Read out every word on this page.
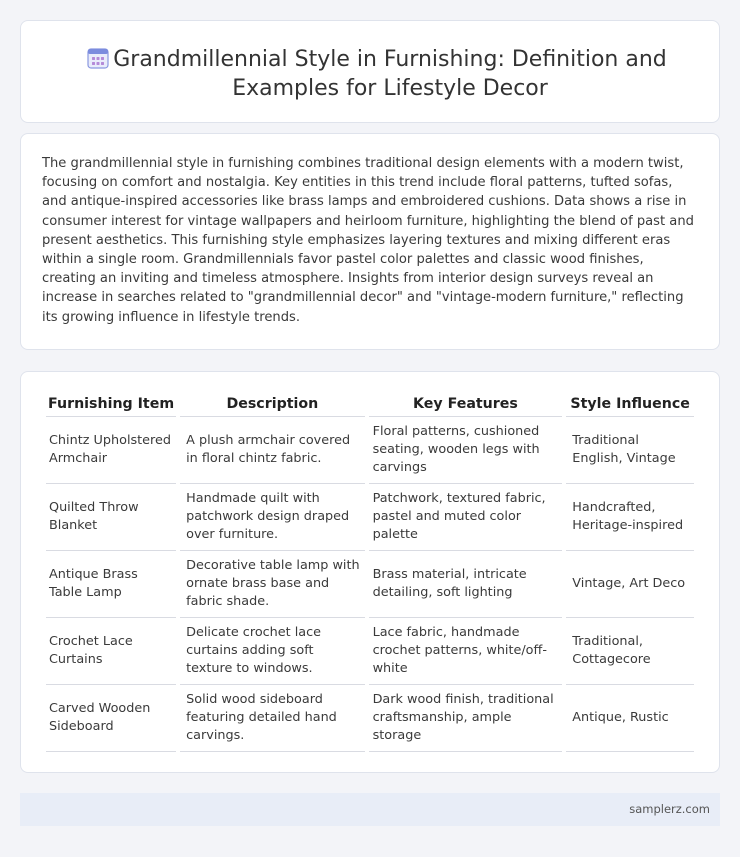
Grandmillennial Style in Furnishing: Definition and Examples for Lifestyle Decor

The grandmillennial style in furnishing combines traditional design elements with a modern twist, focusing on comfort and nostalgia. Key entities in this trend include floral patterns, tufted sofas, and antique-inspired accessories like brass lamps and embroidered cushions. Data shows a rise in consumer interest for vintage wallpapers and heirloom furniture, highlighting the blend of past and present aesthetics. This furnishing style emphasizes layering textures and mixing different eras within a single room. Grandmillennials favor pastel color palettes and classic wood finishes, creating an inviting and timeless atmosphere. Insights from interior design surveys reveal an increase in searches related to "grandmillennial decor" and "vintage-modern furniture," reflecting its growing influence in lifestyle trends.

Furnishing Item	Description	Key Features	Style Influence
Chintz Upholstered Armchair	A plush armchair covered in floral chintz fabric.	Floral patterns, cushioned seating, wooden legs with carvings	Traditional English, Vintage
Quilted Throw Blanket	Handmade quilt with patchwork design draped over furniture.	Patchwork, textured fabric, pastel and muted color palette	Handcrafted, Heritage-inspired
Antique Brass Table Lamp	Decorative table lamp with ornate brass base and fabric shade.	Brass material, intricate detailing, soft lighting	Vintage, Art Deco
Crochet Lace Curtains	Delicate crochet lace curtains adding soft texture to windows.	Lace fabric, handmade crochet patterns, white/off-white	Traditional, Cottagecore
Carved Wooden Sideboard	Solid wood sideboard featuring detailed hand carvings.	Dark wood finish, traditional craftsmanship, ample storage	Antique, Rustic
samplerz.com
